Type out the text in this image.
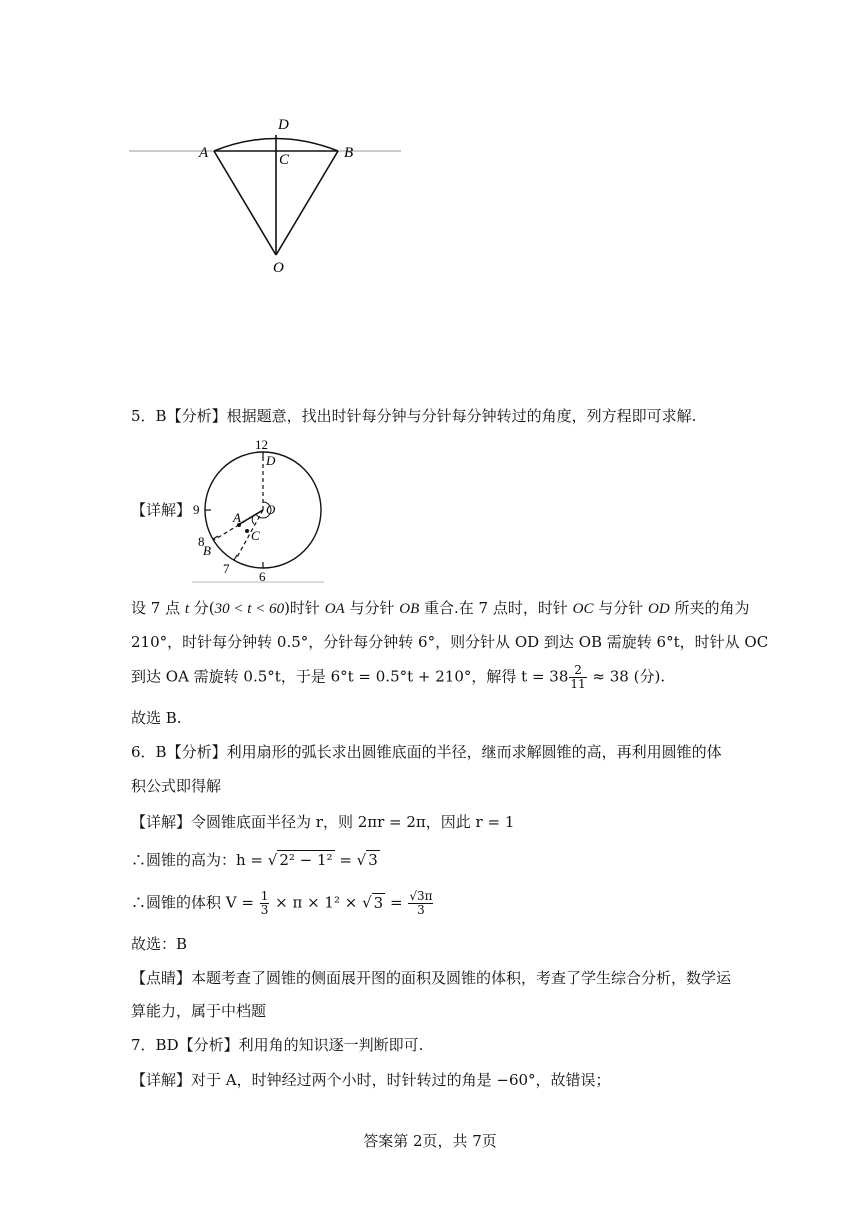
A	B
C
D
O
5．B【分析】根据题意，找出时针每分钟与分针每分钟转过的角度，列方程即可求解.
【详解】
12
9
8
7
6
D
O
A
C
B
设 7 点 t 分(30 < t < 60)时针 OA 与分针 OB 重合.在 7 点时，时针 OC 与分针 OD 所夹的角为
210°，时针每分钟转 0.5°，分针每分钟转 6°，则分针从 OD 到达 OB 需旋转 6°t，时针从 OC
到达 OA 需旋转 0.5°t，于是 6°t = 0.5°t + 210°，解得 $t = 38 \frac{2}{11} \approx 38$ (分).
故选 B.
6．B【分析】利用扇形的弧长求出圆锥底面的半径，继而求解圆锥的高，再利用圆锥的体
积公式即得解
【详解】令圆锥底面半径为 r，则 2πr = 2π，因此 r = 1
∴圆锥的高为：h = √ 2² − 1² = √ 3
∴圆锥的体积 $V = \frac{1}{3} \times \pi \times 1^2$ × √ $3 = \frac{√3\pi}{3}$
故选：B
【点睛】本题考查了圆锥的侧面展开图的面积及圆锥的体积，考查了学生综合分析，数学运
算能力，属于中档题
7．BD【分析】利用角的知识逐一判断即可.
【详解】对于 A，时钟经过两个小时，时针转过的角是 −60°，故错误；
答案第 2页，共 7页
